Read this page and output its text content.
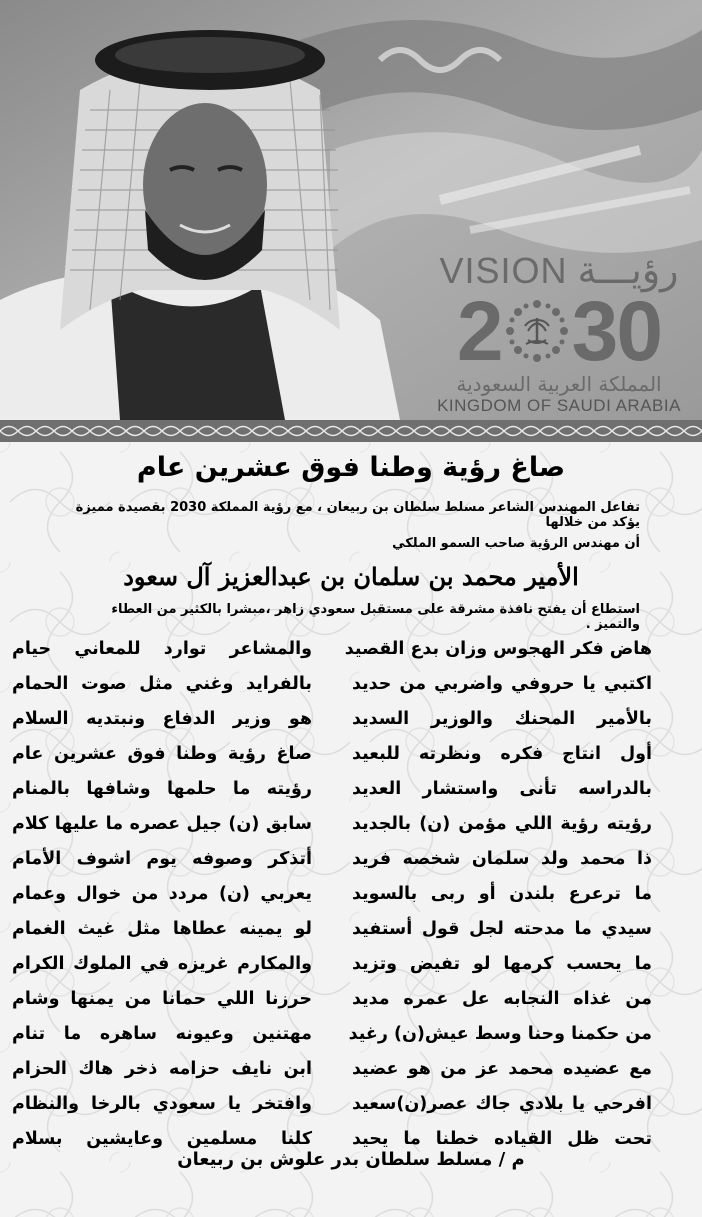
VISION رؤيـــة
2 30
المملكة العربية السعودية
KINGDOM OF SAUDI ARABIA
صاغ رؤية وطنا فوق عشرين عام
تفاعل المهندس الشاعر مسلط سلطان بن ربيعان ، مع رؤية المملكة 2030 بقصيدة مميزة يؤكد من خلالها
أن مهندس الرؤية صاحب السمو الملكي
الأمير محمد بن سلمان بن عبدالعزيز آل سعود
استطاع أن يفتح نافذة مشرقة على مستقبل سعودي زاهر ،مبشرا بالكثير من العطاء والتميز .
هاض فكر الهجوس وزان بدع القصيد
اكتبي يا حروفي واضربي من حديد
بالأمير المحنك والوزير السديد
أول انتاج فكره ونظرته للبعيد
بالدراسه تأنى واستشار العديد
رؤيته رؤية اللي مؤمن (ن) بالجديد
ذا محمد ولد سلمان شخصه فريد
ما ترعرع بلندن أو ربى بالسويد
سيدي ما مدحته لجل قول أستفيد
ما يحسب كرمها لو تفيض وتزيد
من غذاه النجابه عل عمره مديد
من حكمنا وحنا وسط عيش(ن) رغيد
مع عضيده محمد عز من هو عضيد
افرحي يا بلادي جاك عصر(ن)سعيد
تحت ظل القياده خطنا ما يحيد
والمشاعر توارد للمعاني حيام
بالفرايد وغني مثل صوت الحمام
هو وزير الدفاع ونبتديه السلام
صاغ رؤية وطنا فوق عشرين عام
رؤيته ما حلمها وشافها بالمنام
سابق (ن) جيل عصره ما عليها كلام
أتذكر وصوفه يوم اشوف الأمام
يعربي (ن) مردد من خوال وعمام
لو يمينه عطاها مثل غيث الغمام
والمكارم غريزه في الملوك الكرام
حرزنا اللي حمانا من يمنها وشام
مهتنين وعيونه ساهره ما تنام
ابن نايف حزامه ذخر هاك الحزام
وافتخر يا سعودي بالرخا والنظام
كلنا مسلمين وعايشين بسلام
م / مسلط سلطان بدر علوش بن ربيعان
